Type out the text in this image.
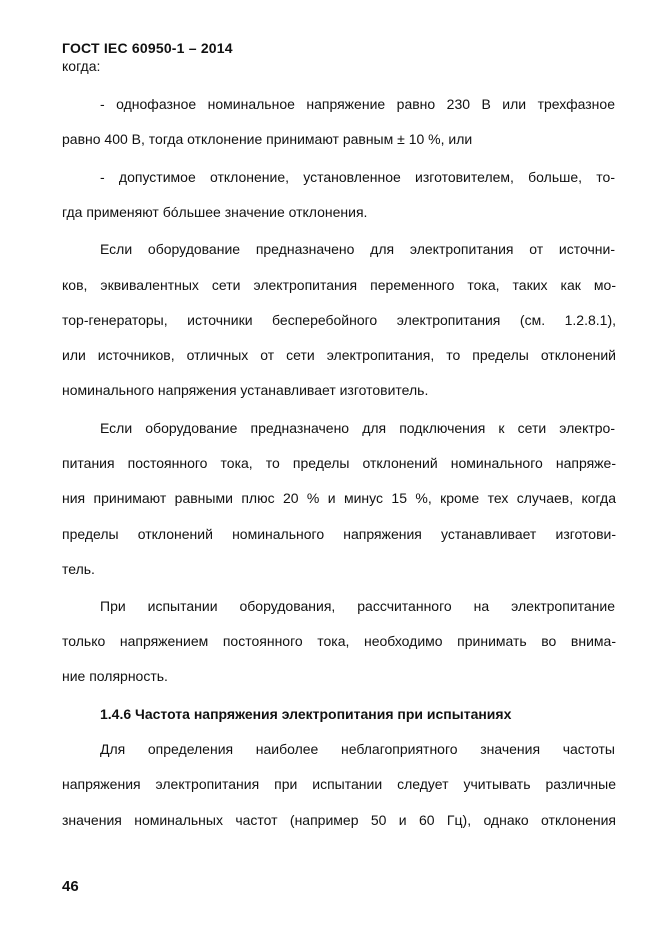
ГОСТ IEC 60950-1 – 2014
когда:
- однофазное номинальное напряжение равно 230 В или трехфазное
равно 400 В, тогда отклонение принимают равным ± 10 %, или
- допустимое отклонение, установленное изготовителем, больше, то-
гда применяют бóльшее значение отклонения.
Если оборудование предназначено для электропитания от источни-
ков, эквивалентных сети электропитания переменного тока, таких как мо-
тор-генераторы, источники бесперебойного электропитания (см. 1.2.8.1),
или источников, отличных от сети электропитания, то пределы отклонений
номинального напряжения устанавливает изготовитель.
Если оборудование предназначено для подключения к сети электро-
питания постоянного тока, то пределы отклонений номинального напряже-
ния принимают равными плюс 20 % и минус 15 %, кроме тех случаев, когда
пределы отклонений номинального напряжения устанавливает изготови-
тель.
При испытании оборудования, рассчитанного на электропитание
только напряжением постоянного тока, необходимо принимать во внима-
ние полярность.
1.4.6 Частота напряжения электропитания при испытаниях
Для определения наиболее неблагоприятного значения частоты
напряжения электропитания при испытании следует учитывать различные
значения номинальных частот (например 50 и 60 Гц), однако отклонения
46
